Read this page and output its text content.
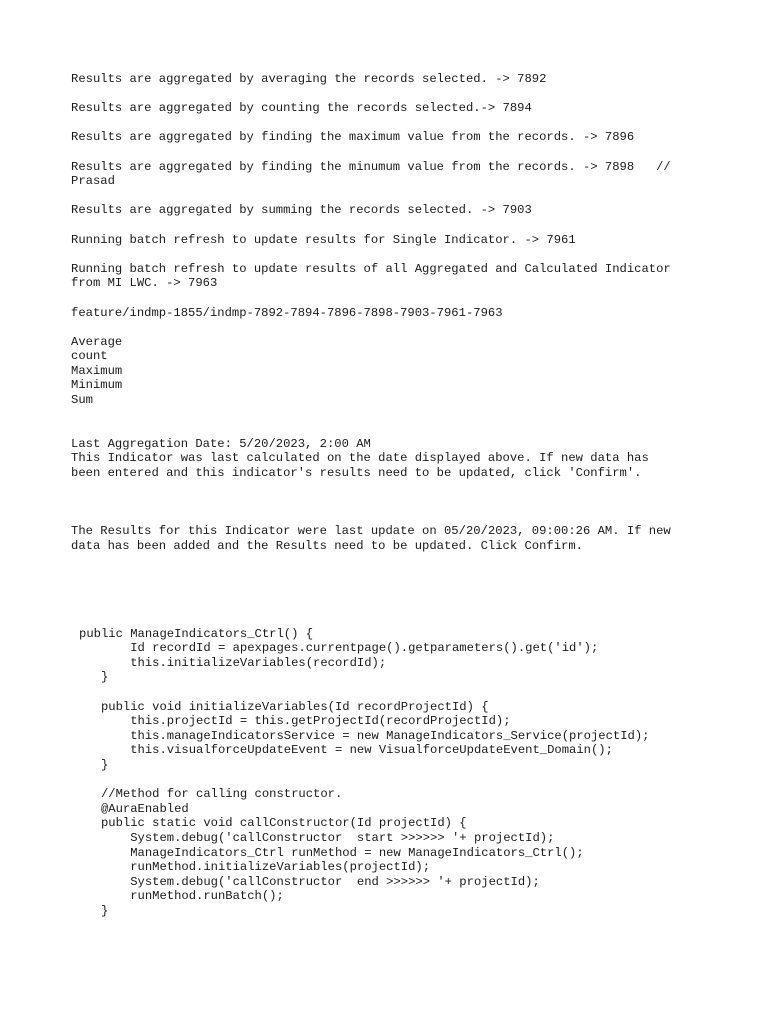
Results are aggregated by averaging the records selected. -> 7892
Results are aggregated by counting the records selected.-> 7894
Results are aggregated by finding the maximum value from the records. -> 7896
Results are aggregated by finding the minumum value from the records. -> 7898   //
Prasad
Results are aggregated by summing the records selected. -> 7903
Running batch refresh to update results for Single Indicator. -> 7961
Running batch refresh to update results of all Aggregated and Calculated Indicator
from MI LWC. -> 7963
feature/indmp-1855/indmp-7892-7894-7896-7898-7903-7961-7963
Average
count
Maximum
Minimum
Sum
Last Aggregation Date: 5/20/2023, 2:00 AM
This Indicator was last calculated on the date displayed above. If new data has
been entered and this indicator's results need to be updated, click 'Confirm'.
The Results for this Indicator were last update on 05/20/2023, 09:00:26 AM. If new
data has been added and the Results need to be updated. Click Confirm.
public ManageIndicators_Ctrl() {
Id recordId = apexpages.currentpage().getparameters().get('id');
this.initializeVariables(recordId);
}
public void initializeVariables(Id recordProjectId) {
this.projectId = this.getProjectId(recordProjectId);
this.manageIndicatorsService = new ManageIndicators_Service(projectId);
this.visualforceUpdateEvent = new VisualforceUpdateEvent_Domain();
}
//Method for calling constructor.
@AuraEnabled
public static void callConstructor(Id projectId) {
System.debug('callConstructor  start >>>>>> '+ projectId);
ManageIndicators_Ctrl runMethod = new ManageIndicators_Ctrl();
runMethod.initializeVariables(projectId);
System.debug('callConstructor  end >>>>>> '+ projectId);
runMethod.runBatch();
}
